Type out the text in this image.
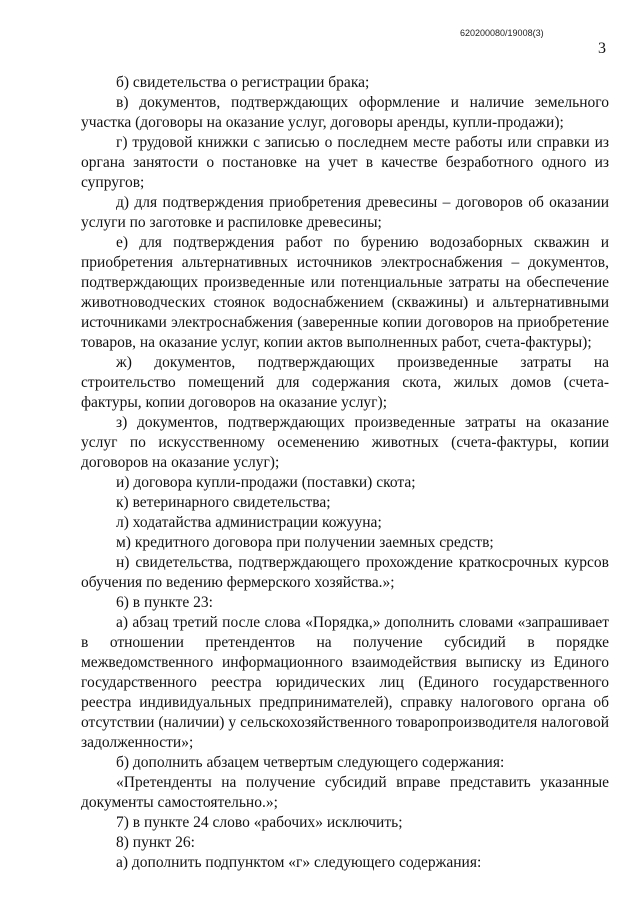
620200080/19008(3)
3

б) свидетельства о регистрации брака;

в) документов, подтверждающих оформление и наличие земельного участка (договоры на оказание услуг, договоры аренды, купли-продажи);

г) трудовой книжки с записью о последнем месте работы или справки из органа занятости о постановке на учет в качестве безработного одного из супругов;

д) для подтверждения приобретения древесины – договоров об оказании услуги по заготовке и распиловке древесины;

е) для подтверждения работ по бурению водозаборных скважин и приобретения альтернативных источников электроснабжения – документов, подтверждающих произведенные или потенциальные затраты на обеспечение животноводческих стоянок водоснабжением (скважины) и альтернативными источниками электроснабжения (заверенные копии договоров на приобретение товаров, на оказание услуг, копии актов выполненных работ, счета-фактуры);

ж) документов, подтверждающих произведенные затраты на строительство помещений для содержания скота, жилых домов (счета-фактуры, копии договоров на оказание услуг);

з) документов, подтверждающих произведенные затраты на оказание услуг по искусственному осеменению животных (счета-фактуры, копии договоров на оказание услуг);

и) договора купли-продажи (поставки) скота;

к) ветеринарного свидетельства;

л) ходатайства администрации кожууна;

м) кредитного договора при получении заемных средств;

н) свидетельства, подтверждающего прохождение краткосрочных курсов обучения по ведению фермерского хозяйства.»;

6) в пункте 23:

а) абзац третий после слова «Порядка,» дополнить словами «запрашивает в отношении претендентов на получение субсидий в порядке межведомственного информационного взаимодействия выписку из Единого государственного реестра юридических лиц (Единого государственного реестра индивидуальных предпринимателей), справку налогового органа об отсутствии (наличии) у сельскохозяйственного товаропроизводителя налоговой задолженности»;

б) дополнить абзацем четвертым следующего содержания:

«Претенденты на получение субсидий вправе представить указанные документы самостоятельно.»;

7) в пункте 24 слово «рабочих» исключить;

8) пункт 26:

а) дополнить подпунктом «г» следующего содержания:
